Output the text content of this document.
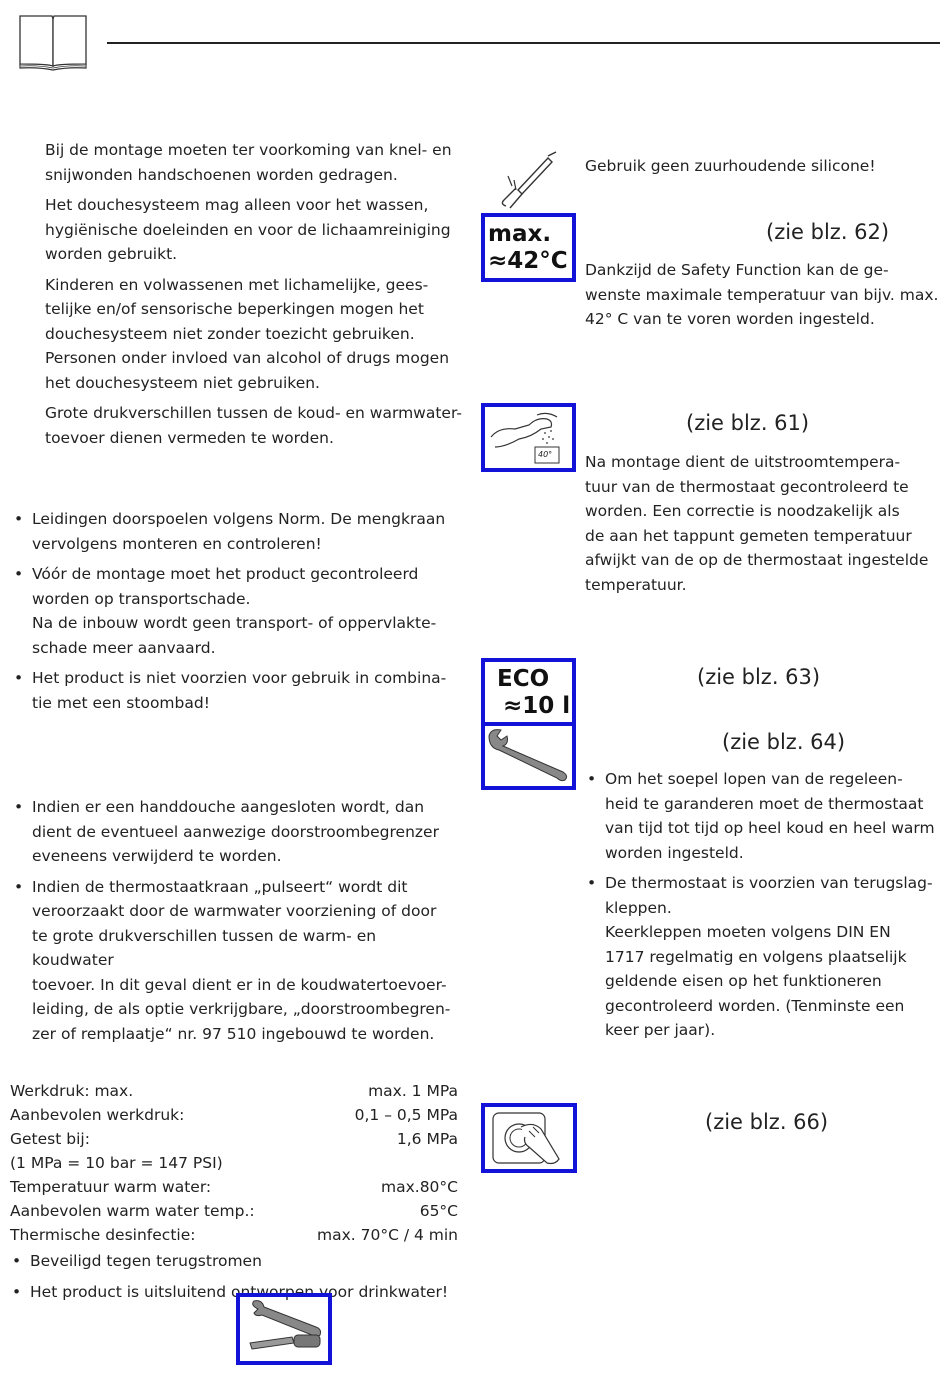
Bij de montage moeten ter voorkoming van knel- en
snijwonden handschoenen worden gedragen.

Het douchesysteem mag alleen voor het wassen,
hygiënische doeleinden en voor de lichaamreiniging
worden gebruikt.

Kinderen en volwassenen met lichamelijke, gees-
telijke en/of sensorische beperkingen mogen het
douchesysteem niet zonder toezicht gebruiken.
Personen onder invloed van alcohol of drugs mogen
het douchesysteem niet gebruiken.

Grote drukverschillen tussen de koud- en warmwater-
toevoer dienen vermeden te worden.

• Leidingen doorspoelen volgens Norm. De mengkraan
vervolgens monteren en controleren!
• Vóór de montage moet het product gecontroleerd
worden op transportschade.
Na de inbouw wordt geen transport- of oppervlakte-
schade meer aanvaard.
• Het product is niet voorzien voor gebruik in combina-
tie met een stoombad!
• Indien er een handdouche aangesloten wordt, dan
dient de eventueel aanwezige doorstroombegrenzer
eveneens verwijderd te worden.
• Indien de thermostaatkraan „pulseert“ wordt dit
veroorzaakt door de warmwater voorziening of door
te grote drukverschillen tussen de warm- en koudwater
toevoer. In dit geval dient er in de koudwatertoevoer-
leiding, de als optie verkrijgbare, „doorstroombegren-
zer of remplaatje“ nr. 97 510 ingebouwd te worden.
Werkdruk: max.	max. 1 MPa
Aanbevolen werkdruk:	0,1 – 0,5 MPa
Getest bij:	1,6 MPa
(1 MPa = 10 bar = 147 PSI)
Temperatuur warm water:	max.80°C
Aanbevolen warm water temp.:	65°C
Thermische desinfectie:	max. 70°C / 4 min
• Beveiligd tegen terugstromen
• Het product is uitsluitend ontworpen voor drinkwater!
Gebruik geen zuurhoudende silicone!
max.
≈42°C
(zie blz. 62)
Dankzijd de Safety Function kan de ge-
wenste maximale temperatuur van bijv. max.
42° C van te voren worden ingesteld.
40°
(zie blz. 61)
Na montage dient de uitstroomtempera-
tuur van de thermostaat gecontroleerd te
worden. Een correctie is noodzakelijk als
de aan het tappunt gemeten temperatuur
afwijkt van de op de thermostaat ingestelde
temperatuur.
ECO
≈10 l
(zie blz. 63)
(zie blz. 64)
• Om het soepel lopen van de regeleen-
heid te garanderen moet de thermostaat
van tijd tot tijd op heel koud en heel warm
worden ingesteld.
• De thermostaat is voorzien van terugslag-
kleppen.
Keerkleppen moeten volgens DIN EN
1717 regelmatig en volgens plaatselijk
geldende eisen op het funktioneren
gecontroleerd worden. (Tenminste een
keer per jaar).
(zie blz. 66)
